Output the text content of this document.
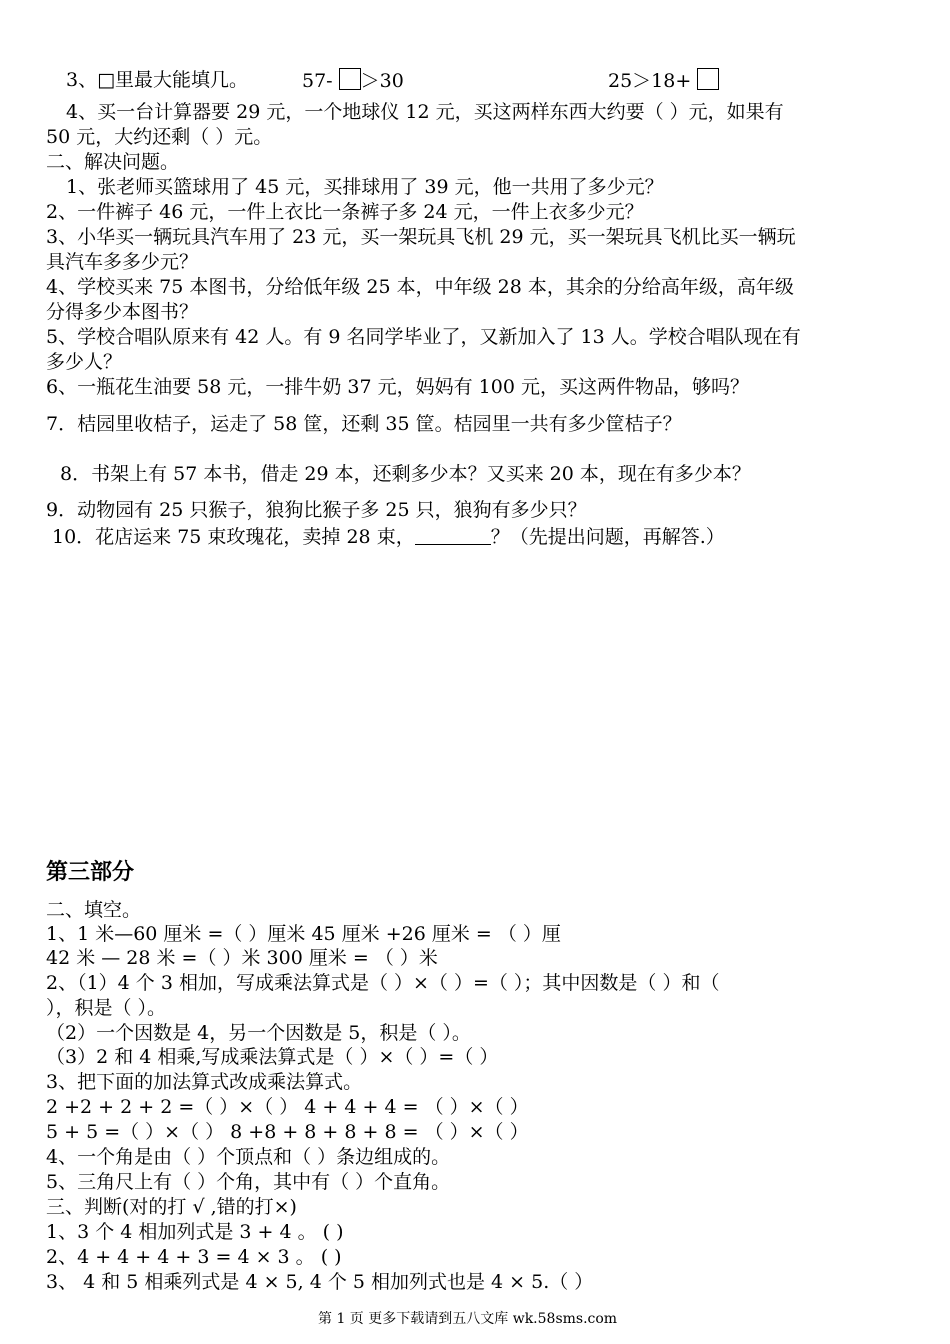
3、□里最大能填几。	57- ＞30	25＞18+
4、买一台计算器要 29 元，一个地球仪 12 元，买这两样东西大约要（ ）元，如果有
50 元，大约还剩（ ）元。
二、解决问题。
1、张老师买篮球用了 45 元，买排球用了 39 元，他一共用了多少元？
2、一件裤子 46 元，一件上衣比一条裤子多 24 元，一件上衣多少元？
3、小华买一辆玩具汽车用了 23 元，买一架玩具飞机 29 元，买一架玩具飞机比买一辆玩
具汽车多多少元？
4、学校买来 75 本图书，分给低年级 25 本，中年级 28 本，其余的分给高年级，高年级
分得多少本图书？
5、学校合唱队原来有 42 人。有 9 名同学毕业了，又新加入了 13 人。学校合唱队现在有
多少人？
6、一瓶花生油要 58 元，一排牛奶 37 元，妈妈有 100 元，买这两件物品，够吗？
7．桔园里收桔子，运走了 58 筐，还剩 35 筐。桔园里一共有多少筐桔子？
8．书架上有 57 本书，借走 29 本，还剩多少本？又买来 20 本，现在有多少本？
9．动物园有 25 只猴子，狼狗比猴子多 25 只，狼狗有多少只？
10．花店运来 75 束玫瑰花，卖掉 28 束，	？（先提出问题，再解答.）
第三部分
二、填空。
1、1 米—60 厘米 =（ ）厘米 45 厘米 +26 厘米 = （ ）厘
42 米 — 28 米 =（ ）米 300 厘米 = （ ）米
2、（1）4 个 3 相加，写成乘法算式是（ ）×（ ）=（ ）；其中因数是（ ）和（
），积是（ ）。
（2）一个因数是 4，另一个因数是 5，积是（ ）。
（3）2 和 4 相乘,写成乘法算式是（ ）×（ ）=（ ）
3、把下面的加法算式改成乘法算式。
2 +2 + 2 + 2 =（ ）×（ ） 4 + 4 + 4 = （ ）×（ ）
5 + 5 =（ ）×（ ） 8 +8 + 8 + 8 + 8 = （ ）×（ ）
4、一个角是由（ ）个顶点和（ ）条边组成的。
5、三角尺上有（ ）个角，其中有（ ）个直角。
三、判断(对的打 √ ,错的打×)
1、3 个 4 相加列式是 3 + 4 。 ( )
2、4 + 4 + 4 + 3 = 4 × 3 。 ( )
3、 4 和 5 相乘列式是 4 × 5, 4 个 5 相加列式也是 4 × 5.（ ）
第 1 页 更多下载请到五八文库 wk.58sms.com
